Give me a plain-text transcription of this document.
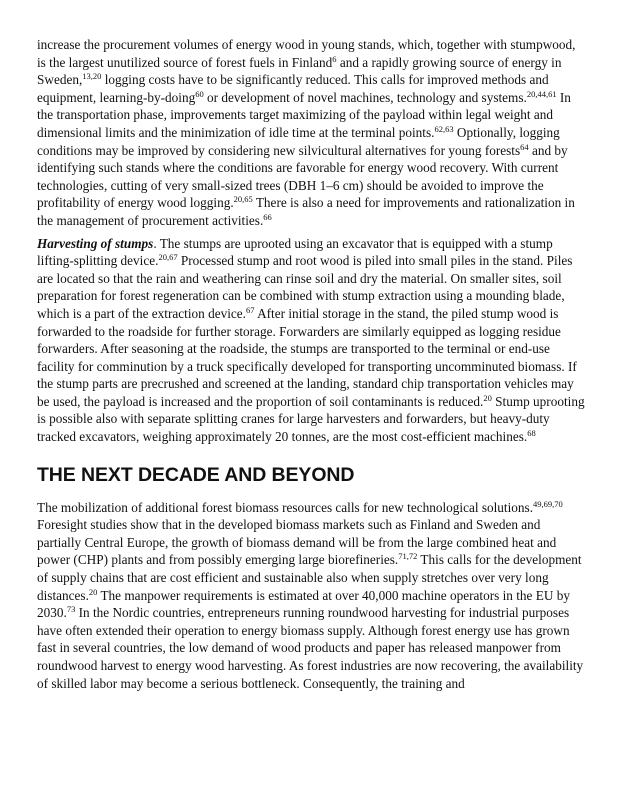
increase the procurement volumes of energy wood in young stands, which, together with stumpwood, is the largest unutilized source of forest fuels in Finland$^6$ and a rapidly growing source of energy in Sweden,$^{13,20}$ logging costs have to be significantly reduced. This calls for improved methods and equipment, learning-by-doing$^{60}$ or development of novel machines, technology and systems.$^{20,44,61}$ In the transportation phase, improvements target maximizing of the payload within legal weight and dimensional limits and the minimization of idle time at the terminal points.$^{62,63}$ Optionally, logging conditions may be improved by considering new silvicultural alternatives for young forests$^{64}$ and by identifying such stands where the conditions are favorable for energy wood recovery. With current technologies, cutting of very small-sized trees (DBH 1–6 cm) should be avoided to improve the profitability of energy wood logging.$^{20,65}$ There is also a need for improvements and rationalization in the management of procurement activities.$^{66}$

Harvesting of stumps. The stumps are uprooted using an excavator that is equipped with a stump lifting-splitting device.$^{20,67}$ Processed stump and root wood is piled into small piles in the stand. Piles are located so that the rain and weathering can rinse soil and dry the material. On smaller sites, soil preparation for forest regeneration can be combined with stump extraction using a mounding blade, which is a part of the extraction device.$^{67}$ After initial storage in the stand, the piled stump wood is forwarded to the roadside for further storage. Forwarders are similarly equipped as logging residue forwarders. After seasoning at the roadside, the stumps are transported to the terminal or end-use facility for comminution by a truck specifically developed for transporting uncomminuted biomass. If the stump parts are precrushed and screened at the landing, standard chip transportation vehicles may be used, the payload is increased and the proportion of soil contaminants is reduced.$^{20}$ Stump uprooting is possible also with separate splitting cranes for large harvesters and forwarders, but heavy-duty tracked excavators, weighing approximately 20 tonnes, are the most cost-efficient machines.$^{68}$

THE NEXT DECADE AND BEYOND

The mobilization of additional forest biomass resources calls for new technological solutions.$^{49,69,70}$ Foresight studies show that in the developed biomass markets such as Finland and Sweden and partially Central Europe, the growth of biomass demand will be from the large combined heat and power (CHP) plants and from possibly emerging large biorefineries.$^{71,72}$ This calls for the development of supply chains that are cost efficient and sustainable also when supply stretches over very long distances.$^{20}$ The manpower requirements is estimated at over 40,000 machine operators in the EU by 2030.73 In the Nordic countries, entrepreneurs running roundwood harvesting for industrial purposes have often extended their operation to energy biomass supply. Although forest energy use has grown fast in several countries, the low demand of wood products and paper has released manpower from roundwood harvest to energy wood harvesting. As forest industries are now recovering, the availability of skilled labor may become a serious bottleneck. Consequently, the training and
